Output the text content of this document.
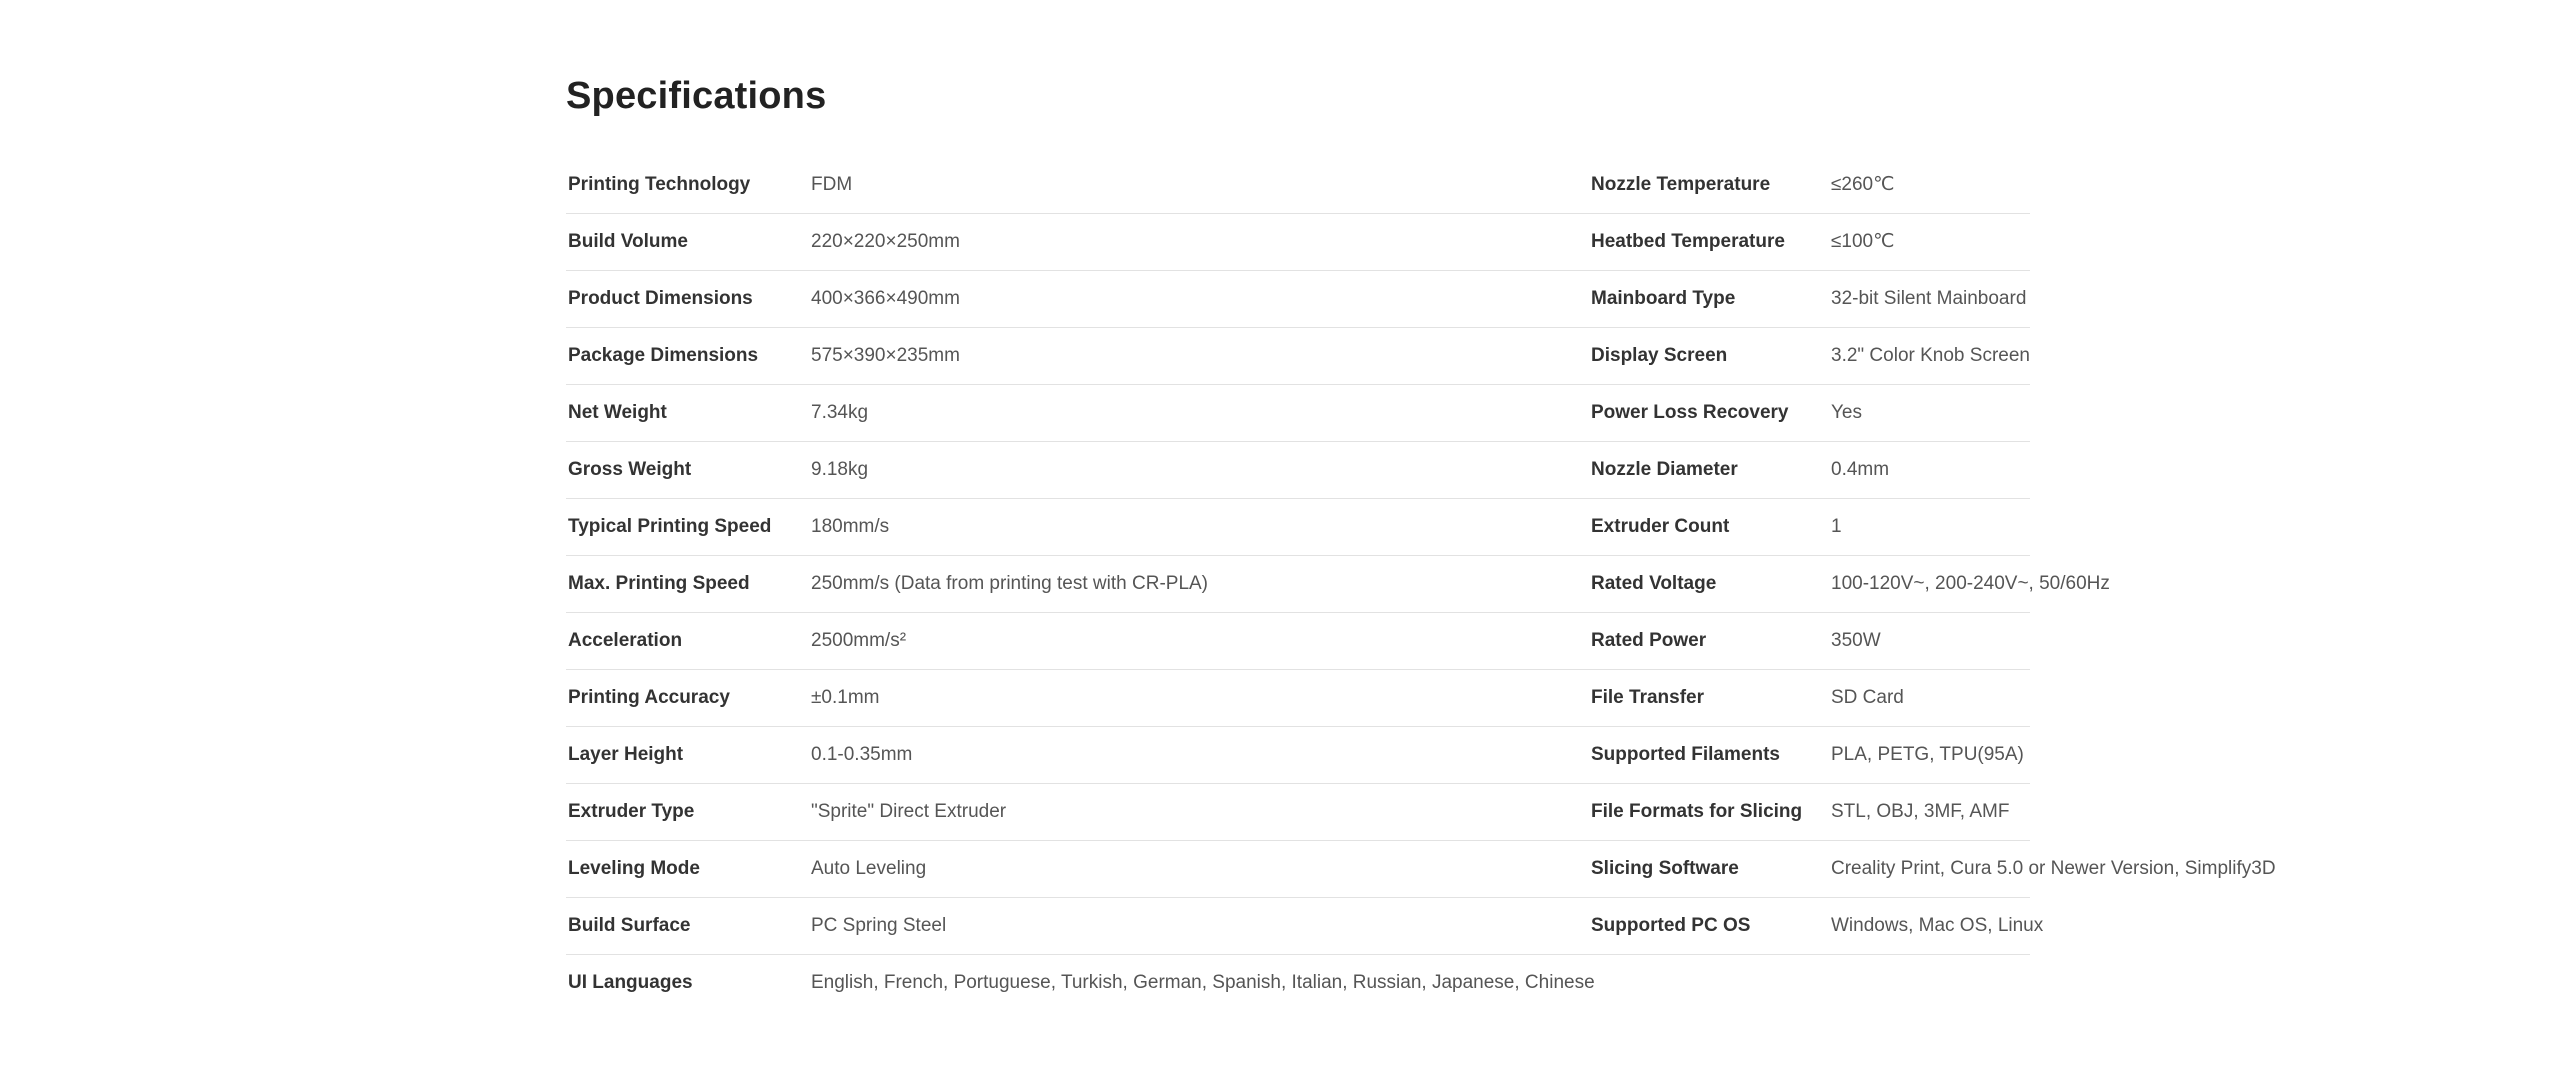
Specifications
Printing Technology	FDM	Nozzle Temperature	≤260℃
Build Volume	220×220×250mm	Heatbed Temperature ≤100℃
Product Dimensions	400×366×490mm	Mainboard Type	32-bit Silent Mainboard
Package Dimensions	575×390×235mm	Display Screen	3.2" Color Knob Screen
Net Weight	7.34kg	Power Loss Recovery Yes
Gross Weight	9.18kg	Nozzle Diameter	0.4mm
Typical Printing Speed 180mm/s	Extruder Count	1
Max. Printing Speed	250mm/s (Data from printing test with CR-PLA)	Rated Voltage	100-120V~, 200-240V~, 50/60Hz
Acceleration	2500mm/s²	Rated Power	350W
Printing Accuracy	±0.1mm	File Transfer	SD Card
Layer Height	0.1-0.35mm	Supported Filaments	PLA, PETG, TPU(95A)
Extruder Type	"Sprite" Direct Extruder	File Formats for Slicing STL, OBJ, 3MF, AMF
Leveling Mode	Auto Leveling	Slicing Software	Creality Print, Cura 5.0 or Newer Version, Simplify3D
Build Surface	PC Spring Steel	Supported PC OS	Windows, Mac OS, Linux
UI Languages	English, French, Portuguese, Turkish, German, Spanish, Italian, Russian, Japanese, Chinese
